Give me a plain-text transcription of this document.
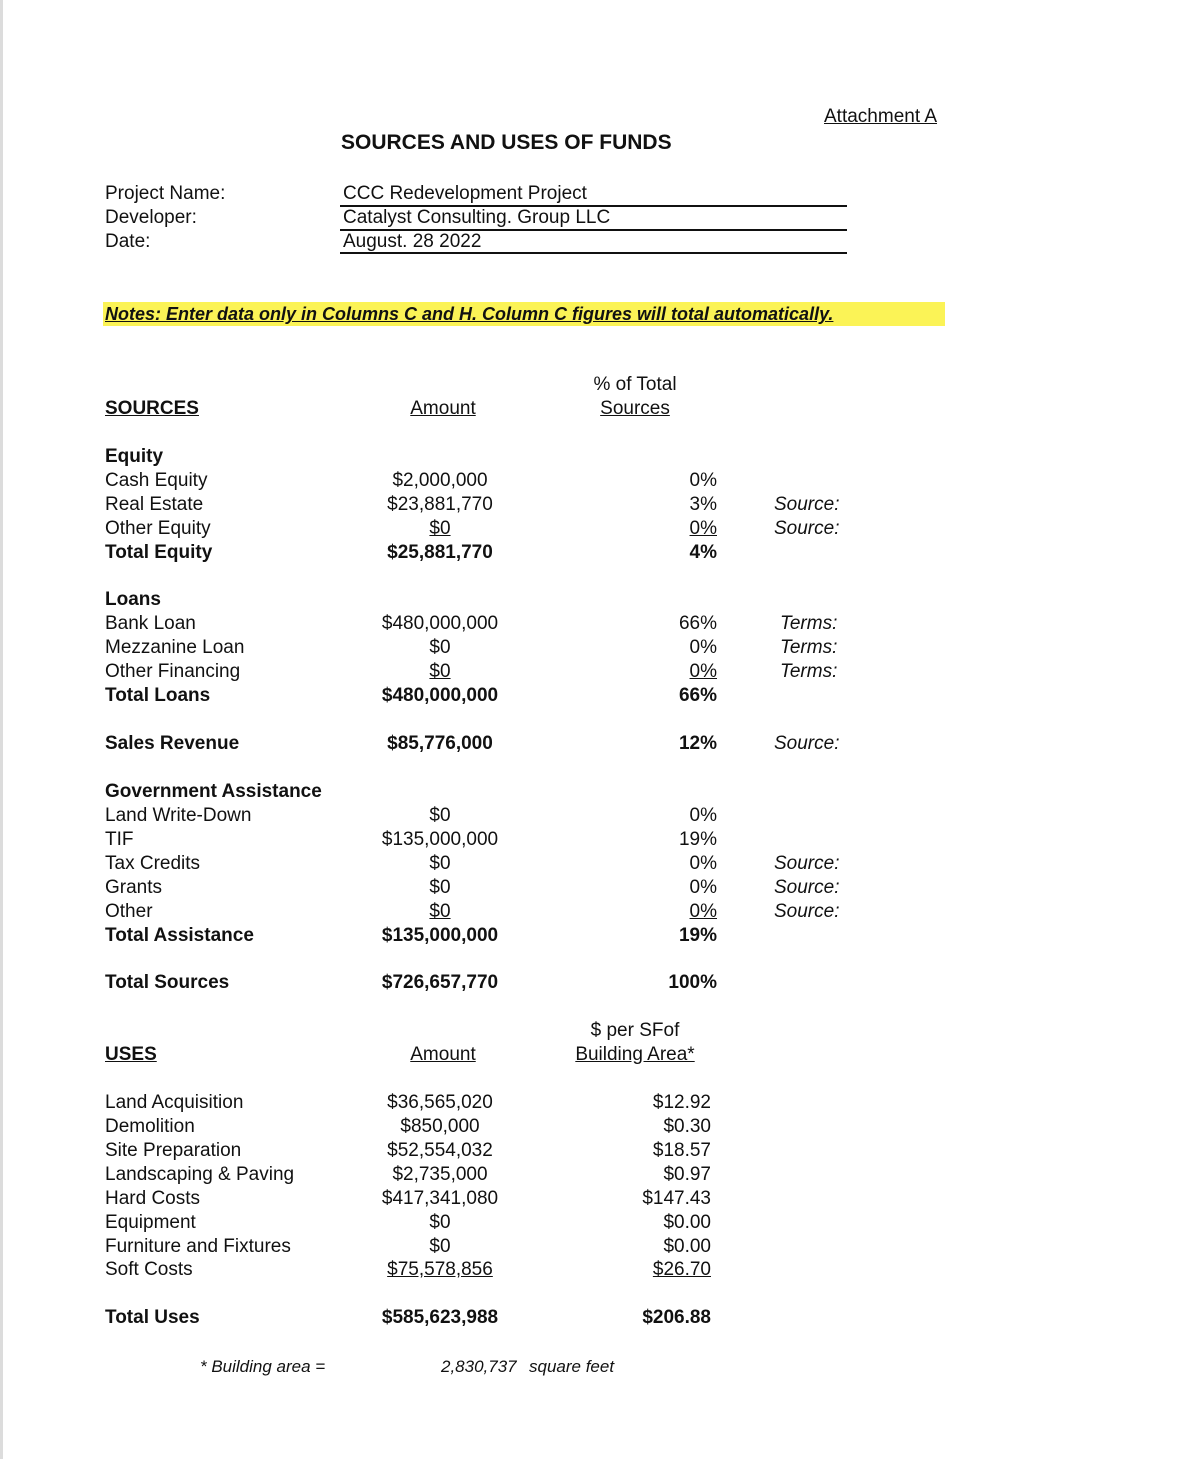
Attachment A
SOURCES AND USES OF FUNDS
Project Name:	CCC Redevelopment Project
Developer:	Catalyst Consulting. Group LLC
Date:	August. 28 2022
Notes: Enter data only in Columns C and H. Column C figures will total automatically.
% of Total
SOURCES	Amount	Sources
Equity
Cash Equity	$2,000,000	0%
Real Estate	$23,881,770	3%	Source:
Other Equity	$0	0%	Source:
Total Equity	$25,881,770	4%
Loans
Bank Loan	$480,000,000	66%	Terms:
Mezzanine Loan	$0	0%	Terms:
Other Financing	$0	0%	Terms:
Total Loans	$480,000,000	66%
Sales Revenue	$85,776,000	12%	Source:
Government Assistance
Land Write-Down	$0	0%
TIF	$135,000,000	19%
Tax Credits	$0	0%	Source:
Grants	$0	0%	Source:
Other	$0	0%	Source:
Total Assistance	$135,000,000	19%
Total Sources	$726,657,770	100%
$ per SFof
USES	Amount	Building Area*
Land Acquisition	$36,565,020	$12.92
Demolition	$850,000	$0.30
Site Preparation	$52,554,032	$18.57
Landscaping & Paving	$2,735,000	$0.97
Hard Costs	$417,341,080	$147.43
Equipment	$0	$0.00
Furniture and Fixtures	$0	$0.00
Soft Costs	$75,578,856	$26.70
Total Uses	$585,623,988	$206.88
* Building area =	2,830,737 square feet
